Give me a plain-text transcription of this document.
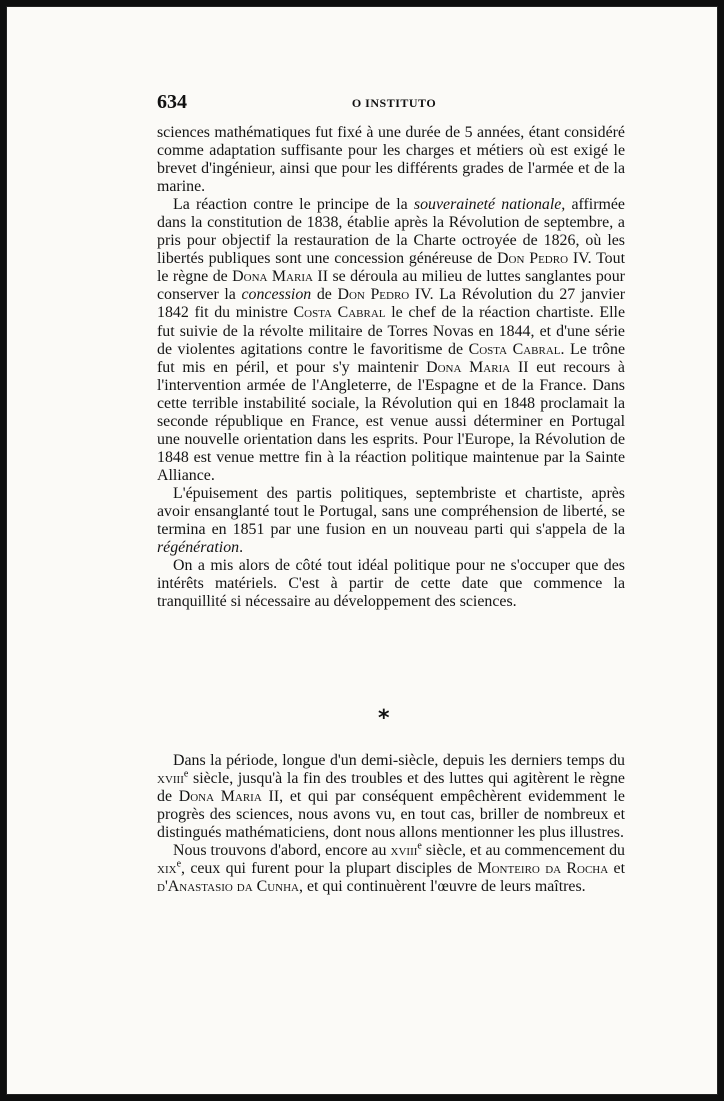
634	O INSTITUTO

sciences mathématiques fut fixé à une durée de 5 années, étant considéré comme adaptation suffisante pour les charges et métiers où est exigé le brevet d'ingénieur, ainsi que pour les différents grades de l'armée et de la marine.

La réaction contre le principe de la souveraineté nationale, affirmée dans la constitution de 1838, établie après la Révolution de septembre, a pris pour objectif la restauration de la Charte octroyée de 1826, où les libertés publiques sont une concession généreuse de Don Pedro IV. Tout le règne de Dona Maria II se déroula au milieu de luttes sanglantes pour conserver la concession de Don Pedro IV. La Révolution du 27 janvier 1842 fit du ministre Costa Cabral le chef de la réaction chartiste. Elle fut suivie de la révolte militaire de Torres Novas en 1844, et d'une série de violentes agitations contre le favoritisme de Costa Cabral. Le trône fut mis en péril, et pour s'y maintenir Dona Maria II eut recours à l'intervention armée de l'Angleterre, de l'Espagne et de la France. Dans cette terrible instabilité sociale, la Révolution qui en 1848 proclamait la seconde république en France, est venue aussi déterminer en Portugal une nouvelle orientation dans les esprits. Pour l'Europe, la Révolution de 1848 est venue mettre fin à la réaction politique maintenue par la Sainte Alliance.

L'épuisement des partis politiques, septembriste et chartiste, après avoir ensanglanté tout le Portugal, sans une compréhension de liberté, se termina en 1851 par une fusion en un nouveau parti qui s'appela de la régénération.

On a mis alors de côté tout idéal politique pour ne s'occuper que des intérêts matériels. C'est à partir de cette date que commence la tranquillité si nécessaire au développement des sciences.

*

Dans la période, longue d'un demi-siècle, depuis les derniers temps du xviii$^e$ siècle, jusqu'à la fin des troubles et des luttes qui agitèrent le règne de Dona Maria II, et qui par conséquent empêchèrent evidemment le progrès des sciences, nous avons vu, en tout cas, briller de nombreux et distingués mathématiciens, dont nous allons mentionner les plus illustres.

Nous trouvons d'abord, encore au xviii$^e$ siècle, et au commencement du xix$^e$, ceux qui furent pour la plupart disciples de Monteiro da Rocha et d'Anastasio da Cunha, et qui continuèrent l'œuvre de leurs maîtres.
